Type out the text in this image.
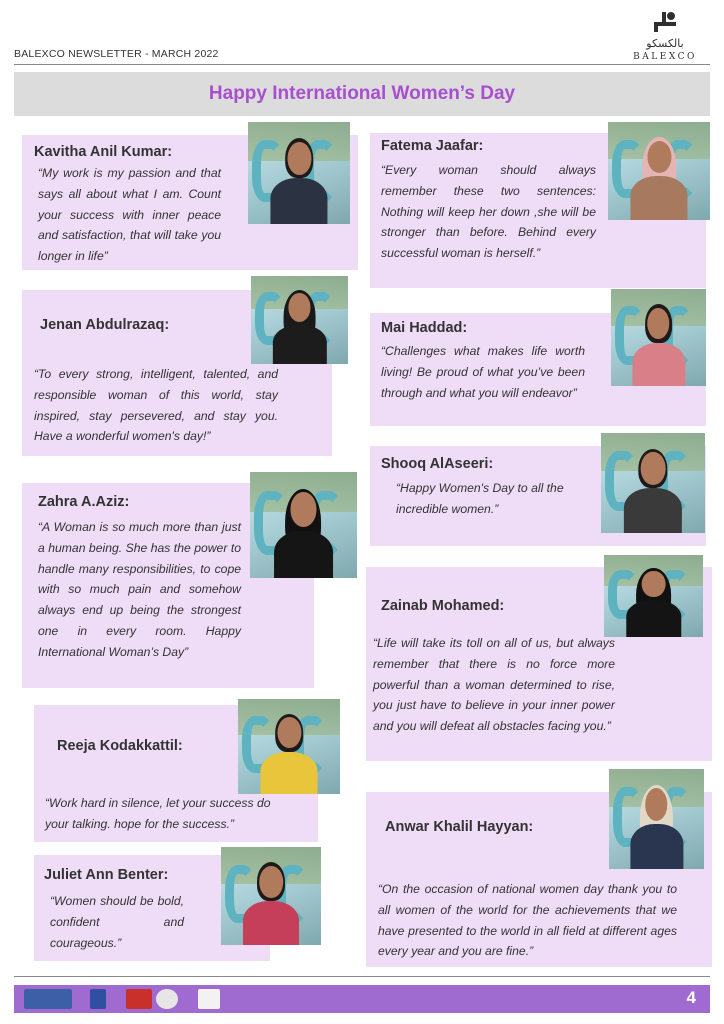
BALEXCO NEWSLETTER - MARCH 2022
بالكسكو
BALEXCO
Happy International Women’s Day
Kavitha Anil Kumar:
“My work is my passion and that says all about what I am. Count your success with inner peace and satisfaction, that will take you longer in life”
Jenan Abdulrazaq:
“To every strong, intelligent, talented, and responsible woman of this world, stay inspired, stay persevered, and stay you. Have a wonderful women's day!”
Zahra A.Aziz:
“A Woman is so much more than just a human being. She has the power to handle many responsibilities, to cope with so much pain and somehow always end up being the strongest one in every room. Happy International Woman’s Day”
Reeja Kodakkattil:
“Work hard in silence, let your success do your talking. hope for the success.”
Juliet Ann Benter:
“Women should be bold, confident and courageous.”
Fatema Jaafar:
“Every woman should always remember these two sentences: Nothing will keep her down ,she will be stronger than before. Behind every successful woman is herself.”
Mai Haddad:
“Challenges what makes life worth living! Be proud of what you’ve been through and what you will endeavor”
Shooq AlAseeri:
“Happy Women's Day to all the incredible women.”
Zainab Mohamed:
“Life will take its toll on all of us, but always remember that there is no force more powerful than a woman determined to rise, you just have to believe in your inner power and you will defeat all obstacles facing you.”
Anwar Khalil Hayyan:
“On the occasion of national women day thank you to all women of the world for the achievements that we have presented to the world in all field at different ages every year and you are fine.”
4
